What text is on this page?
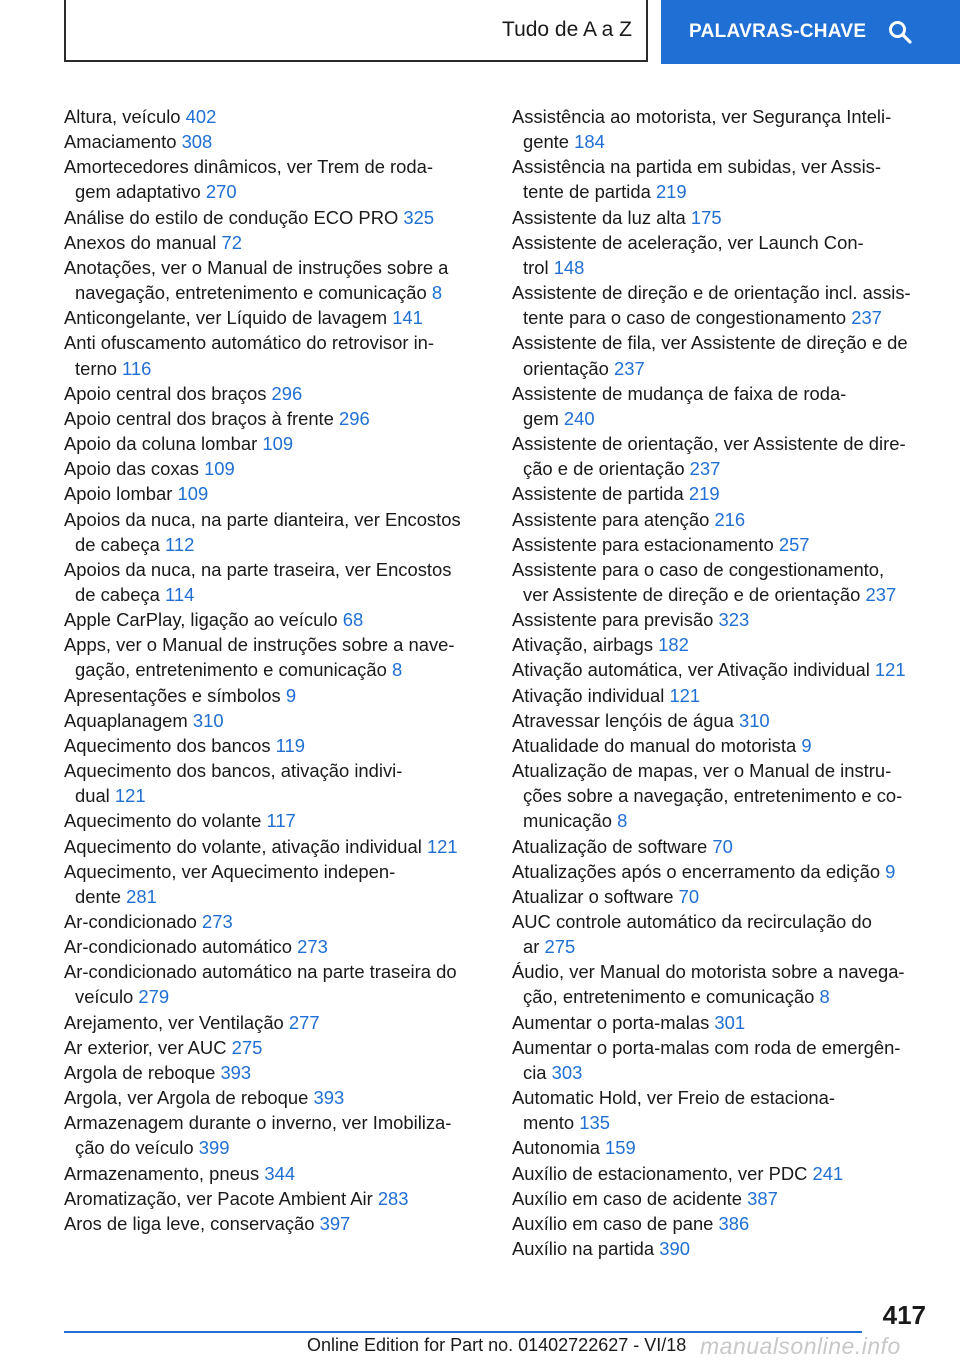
Tudo de A a Z	PALAVRAS-CHAVE
Altura, veículo 402
Amaciamento 308
Amortecedores dinâmicos, ver Trem de roda-
gem adaptativo 270
Análise do estilo de condução ECO PRO 325
Anexos do manual 72
Anotações, ver o Manual de instruções sobre a
navegação, entretenimento e comunicação 8
Anticongelante, ver Líquido de lavagem 141
Anti ofuscamento automático do retrovisor in-
terno 116
Apoio central dos braços 296
Apoio central dos braços à frente 296
Apoio da coluna lombar 109
Apoio das coxas 109
Apoio lombar 109
Apoios da nuca, na parte dianteira, ver Encostos
de cabeça 112
Apoios da nuca, na parte traseira, ver Encostos
de cabeça 114
Apple CarPlay, ligação ao veículo 68
Apps, ver o Manual de instruções sobre a nave-
gação, entretenimento e comunicação 8
Apresentações e símbolos 9
Aquaplanagem 310
Aquecimento dos bancos 119
Aquecimento dos bancos, ativação indivi-
dual 121
Aquecimento do volante 117
Aquecimento do volante, ativação individual 121
Aquecimento, ver Aquecimento indepen-
dente 281
Ar-condicionado 273
Ar-condicionado automático 273
Ar-condicionado automático na parte traseira do
veículo 279
Arejamento, ver Ventilação 277
Ar exterior, ver AUC 275
Argola de reboque 393
Argola, ver Argola de reboque 393
Armazenagem durante o inverno, ver Imobiliza-
ção do veículo 399
Armazenamento, pneus 344
Aromatização, ver Pacote Ambient Air 283
Aros de liga leve, conservação 397
Assistência ao motorista, ver Segurança Inteli-
gente 184
Assistência na partida em subidas, ver Assis-
tente de partida 219
Assistente da luz alta 175
Assistente de aceleração, ver Launch Con-
trol 148
Assistente de direção e de orientação incl. assis-
tente para o caso de congestionamento 237
Assistente de fila, ver Assistente de direção e de
orientação 237
Assistente de mudança de faixa de roda-
gem 240
Assistente de orientação, ver Assistente de dire-
ção e de orientação 237
Assistente de partida 219
Assistente para atenção 216
Assistente para estacionamento 257
Assistente para o caso de congestionamento,
ver Assistente de direção e de orientação 237
Assistente para previsão 323
Ativação, airbags 182
Ativação automática, ver Ativação individual 121
Ativação individual 121
Atravessar lençóis de água 310
Atualidade do manual do motorista 9
Atualização de mapas, ver o Manual de instru-
ções sobre a navegação, entretenimento e co-
municação 8
Atualização de software 70
Atualizações após o encerramento da edição 9
Atualizar o software 70
AUC controle automático da recirculação do
ar 275
Áudio, ver Manual do motorista sobre a navega-
ção, entretenimento e comunicação 8
Aumentar o porta-malas 301
Aumentar o porta-malas com roda de emergên-
cia 303
Automatic Hold, ver Freio de estaciona-
mento 135
Autonomia 159
Auxílio de estacionamento, ver PDC 241
Auxílio em caso de acidente 387
Auxílio em caso de pane 386
Auxílio na partida 390
417
Online Edition for Part no. 01402722627 - VI/18 manualsonline.info
